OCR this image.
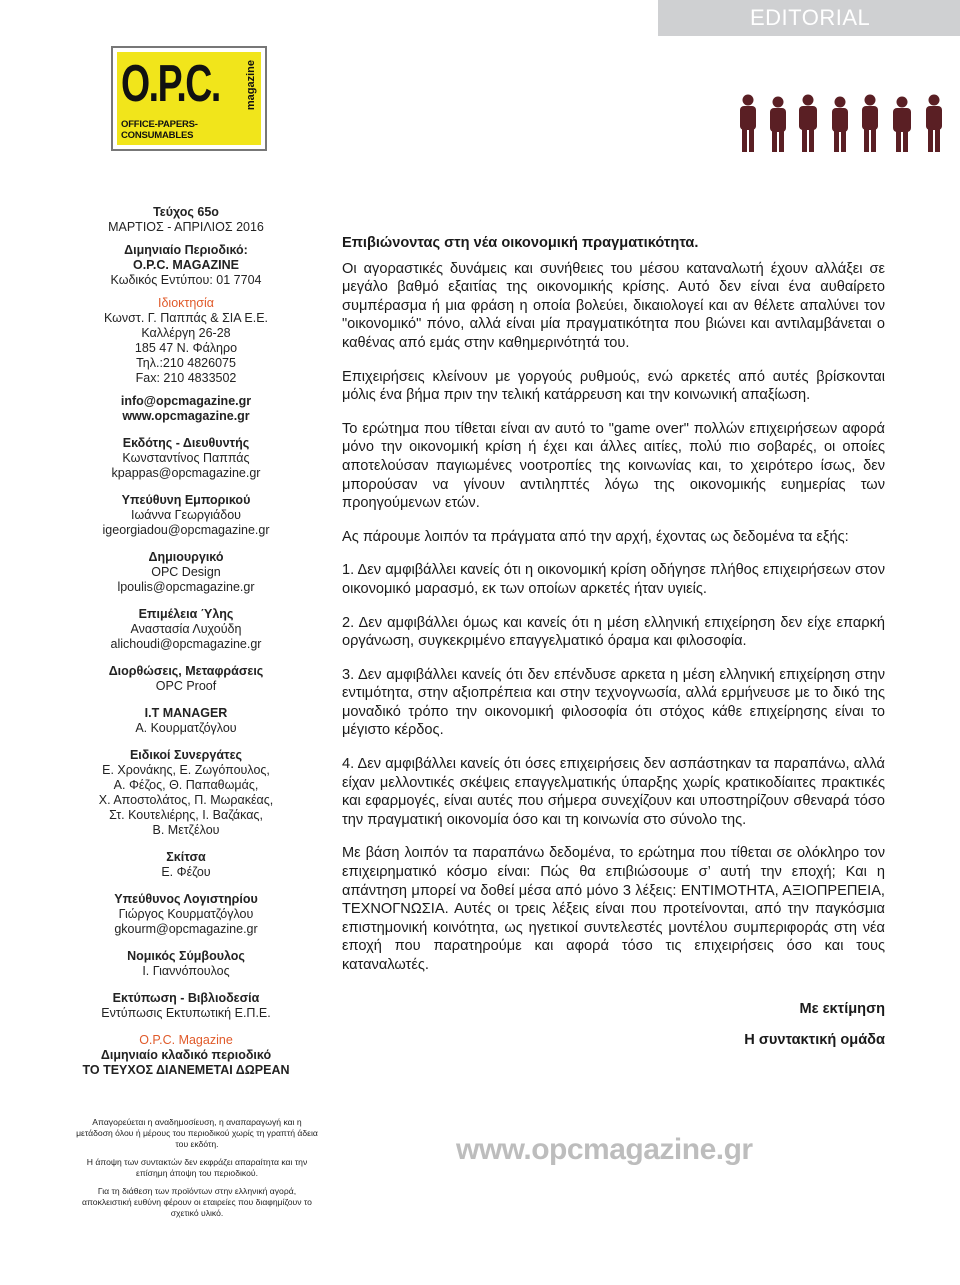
EDITORIAL
O.P.C. magazine
OFFICE-PAPERS-CONSUMABLES
Τεύχος 65ο
ΜΑΡΤΙΟΣ - ΑΠΡΙΛΙΟΣ 2016
Διμηνιαίο Περιοδικό:
O.P.C. MAGAZINE
Κωδικός Εντύπου: 01 7704
Ιδιοκτησία
Κωνστ. Γ. Παππάς & ΣΙΑ Ε.Ε.
Καλλέργη 26-28
185 47 Ν. Φάληρο
Τηλ.:210 4826075
Fax: 210 4833502
info@opcmagazine.gr
www.opcmagazine.gr
Εκδότης - Διευθυντής
Κωνσταντίνος Παππάς
kpappas@opcmagazine.gr
Υπεύθυνη Εμπορικού
Ιωάννα Γεωργιάδου
igeorgiadou@opcmagazine.gr
Δημιουργικό
OPC Design
lpoulis@opcmagazine.gr
Επιμέλεια Ύλης
Αναστασία Λυχούδη
alichoudi@opcmagazine.gr
Διορθώσεις, Μεταφράσεις
OPC Proof
I.T MANAGER
Α. Κουρματζόγλου
Ειδικοί Συνεργάτες
Ε. Χρονάκης, Ε. Ζωγόπουλος,
Α. Φέζος, Θ. Παπαθωμάς,
Χ. Αποστολάτος, Π. Μωρακέας,
Στ. Κουτελιέρης, Ι. Βαζάκας,
Β. Μετζέλου
Σκίτσα
Ε. Φέζου
Υπεύθυνος Λογιστηρίου
Γιώργος Κουρματζόγλου
gkourm@opcmagazine.gr
Νομικός Σύμβουλος
Ι. Γιαννόπουλος
Εκτύπωση - Βιβλιοδεσία
Εντύπωσις Εκτυπωτική Ε.Π.Ε.
O.P.C. Magazine
Διμηνιαίο κλαδικό περιοδικό
ΤΟ ΤΕΥΧΟΣ ΔΙΑΝΕΜΕΤΑΙ ΔΩΡΕΑΝ

Επιβιώνοντας στη νέα οικονομική πραγματικότητα.

Οι αγοραστικές δυνάμεις και συνήθειες του μέσου καταναλωτή έχουν αλλάξει σε μεγάλο βαθμό εξαιτίας της οικονομικής κρίσης. Αυτό δεν είναι ένα αυθαίρετο συμπέρασμα ή μια φράση η οποία βολεύει, δικαιολογεί και αν θέλετε απαλύνει τον "οικονομικό" πόνο, αλλά είναι μία πραγματικότητα που βιώνει και αντιλαμβάνεται ο καθένας από εμάς στην καθημερινότητά του.

Επιχειρήσεις κλείνουν με γοργούς ρυθμούς, ενώ αρκετές από αυτές βρίσκονται μόλις ένα βήμα πριν την τελική κατάρρευση και την κοινωνική απαξίωση.

Το ερώτημα που τίθεται είναι αν αυτό το "game over" πολλών επιχειρήσεων αφορά μόνο την οικονομική κρίση ή έχει και άλλες αιτίες, πολύ πιο σοβαρές, οι οποίες αποτελούσαν παγιωμένες νοοτροπίες της κοινωνίας και, το χειρότερο ίσως, δεν μπορούσαν να γίνουν αντιληπτές λόγω της οικονομικής ευημερίας των προηγούμενων ετών.

Ας πάρουμε λοιπόν τα πράγματα από την αρχή, έχοντας ως δεδομένα τα εξής:

1. Δεν αμφιβάλλει κανείς ότι η οικονομική κρίση οδήγησε πλήθος επιχειρήσεων στον οικονομικό μαρασμό, εκ των οποίων αρκετές ήταν υγιείς.

2. Δεν αμφιβάλλει όμως και κανείς ότι η μέση ελληνική επιχείρηση δεν είχε επαρκή οργάνωση, συγκεκριμένο επαγγελματικό όραμα και φιλοσοφία.

3. Δεν αμφιβάλλει κανείς ότι δεν επένδυσε αρκετα η μέση ελληνική επιχείρηση στην εντιμότητα, στην αξιοπρέπεια και στην τεχνογνωσία, αλλά ερμήνευσε με το δικό της μοναδικό τρόπο την οικονομική φιλοσοφία ότι στόχος κάθε επιχείρησης είναι το μέγιστο κέρδος.

4. Δεν αμφιβάλλει κανείς ότι όσες επιχειρήσεις δεν ασπάστηκαν τα παραπάνω, αλλά είχαν μελλοντικές σκέψεις επαγγελματικής ύπαρξης χωρίς κρατικοδίαιτες πρακτικές και εφαρμογές, είναι αυτές που σήμερα συνεχίζουν και υποστηρίζουν σθεναρά τόσο την πραγματική οικονομία όσο και τη κοινωνία στο σύνολο της.

Με βάση λοιπόν τα παραπάνω δεδομένα, το ερώτημα που τίθεται σε ολόκληρο τον επιχειρηματικό κόσμο είναι: Πώς θα επιβιώσουμε σ’ αυτή την εποχή; Και η απάντηση μπορεί να δοθεί μέσα από μόνο 3 λέξεις: ΕΝΤΙΜΟΤΗΤΑ, ΑΞΙΟΠΡΕΠΕΙΑ, ΤΕΧΝΟΓΝΩΣΙΑ. Αυτές οι τρεις λέξεις είναι που προτείνονται, από την παγκόσμια επιστημονική κοινότητα, ως ηγετικοί συντελεστές μοντέλου συμπεριφοράς στη νέα εποχή που παρατηρούμε και αφορά τόσο τις επιχειρήσεις όσο και τους καταναλωτές.

Με εκτίμηση
Η συντακτική ομάδα

Απαγορεύεται η αναδημοσίευση, η αναπαραγωγή και η μετάδοση όλου ή μέρους του περιοδικού χωρίς τη γραπτή άδεια του εκδότη.

Η άποψη των συντακτών δεν εκφράζει απαραίτητα και την επίσημη άποψη του περιοδικού.

Για τη διάθεση των προϊόντων στην ελληνική αγορά, αποκλειστική ευθύνη φέρουν οι εταιρείες που διαφημίζουν το σχετικό υλικό.

www.opcmagazine.gr
